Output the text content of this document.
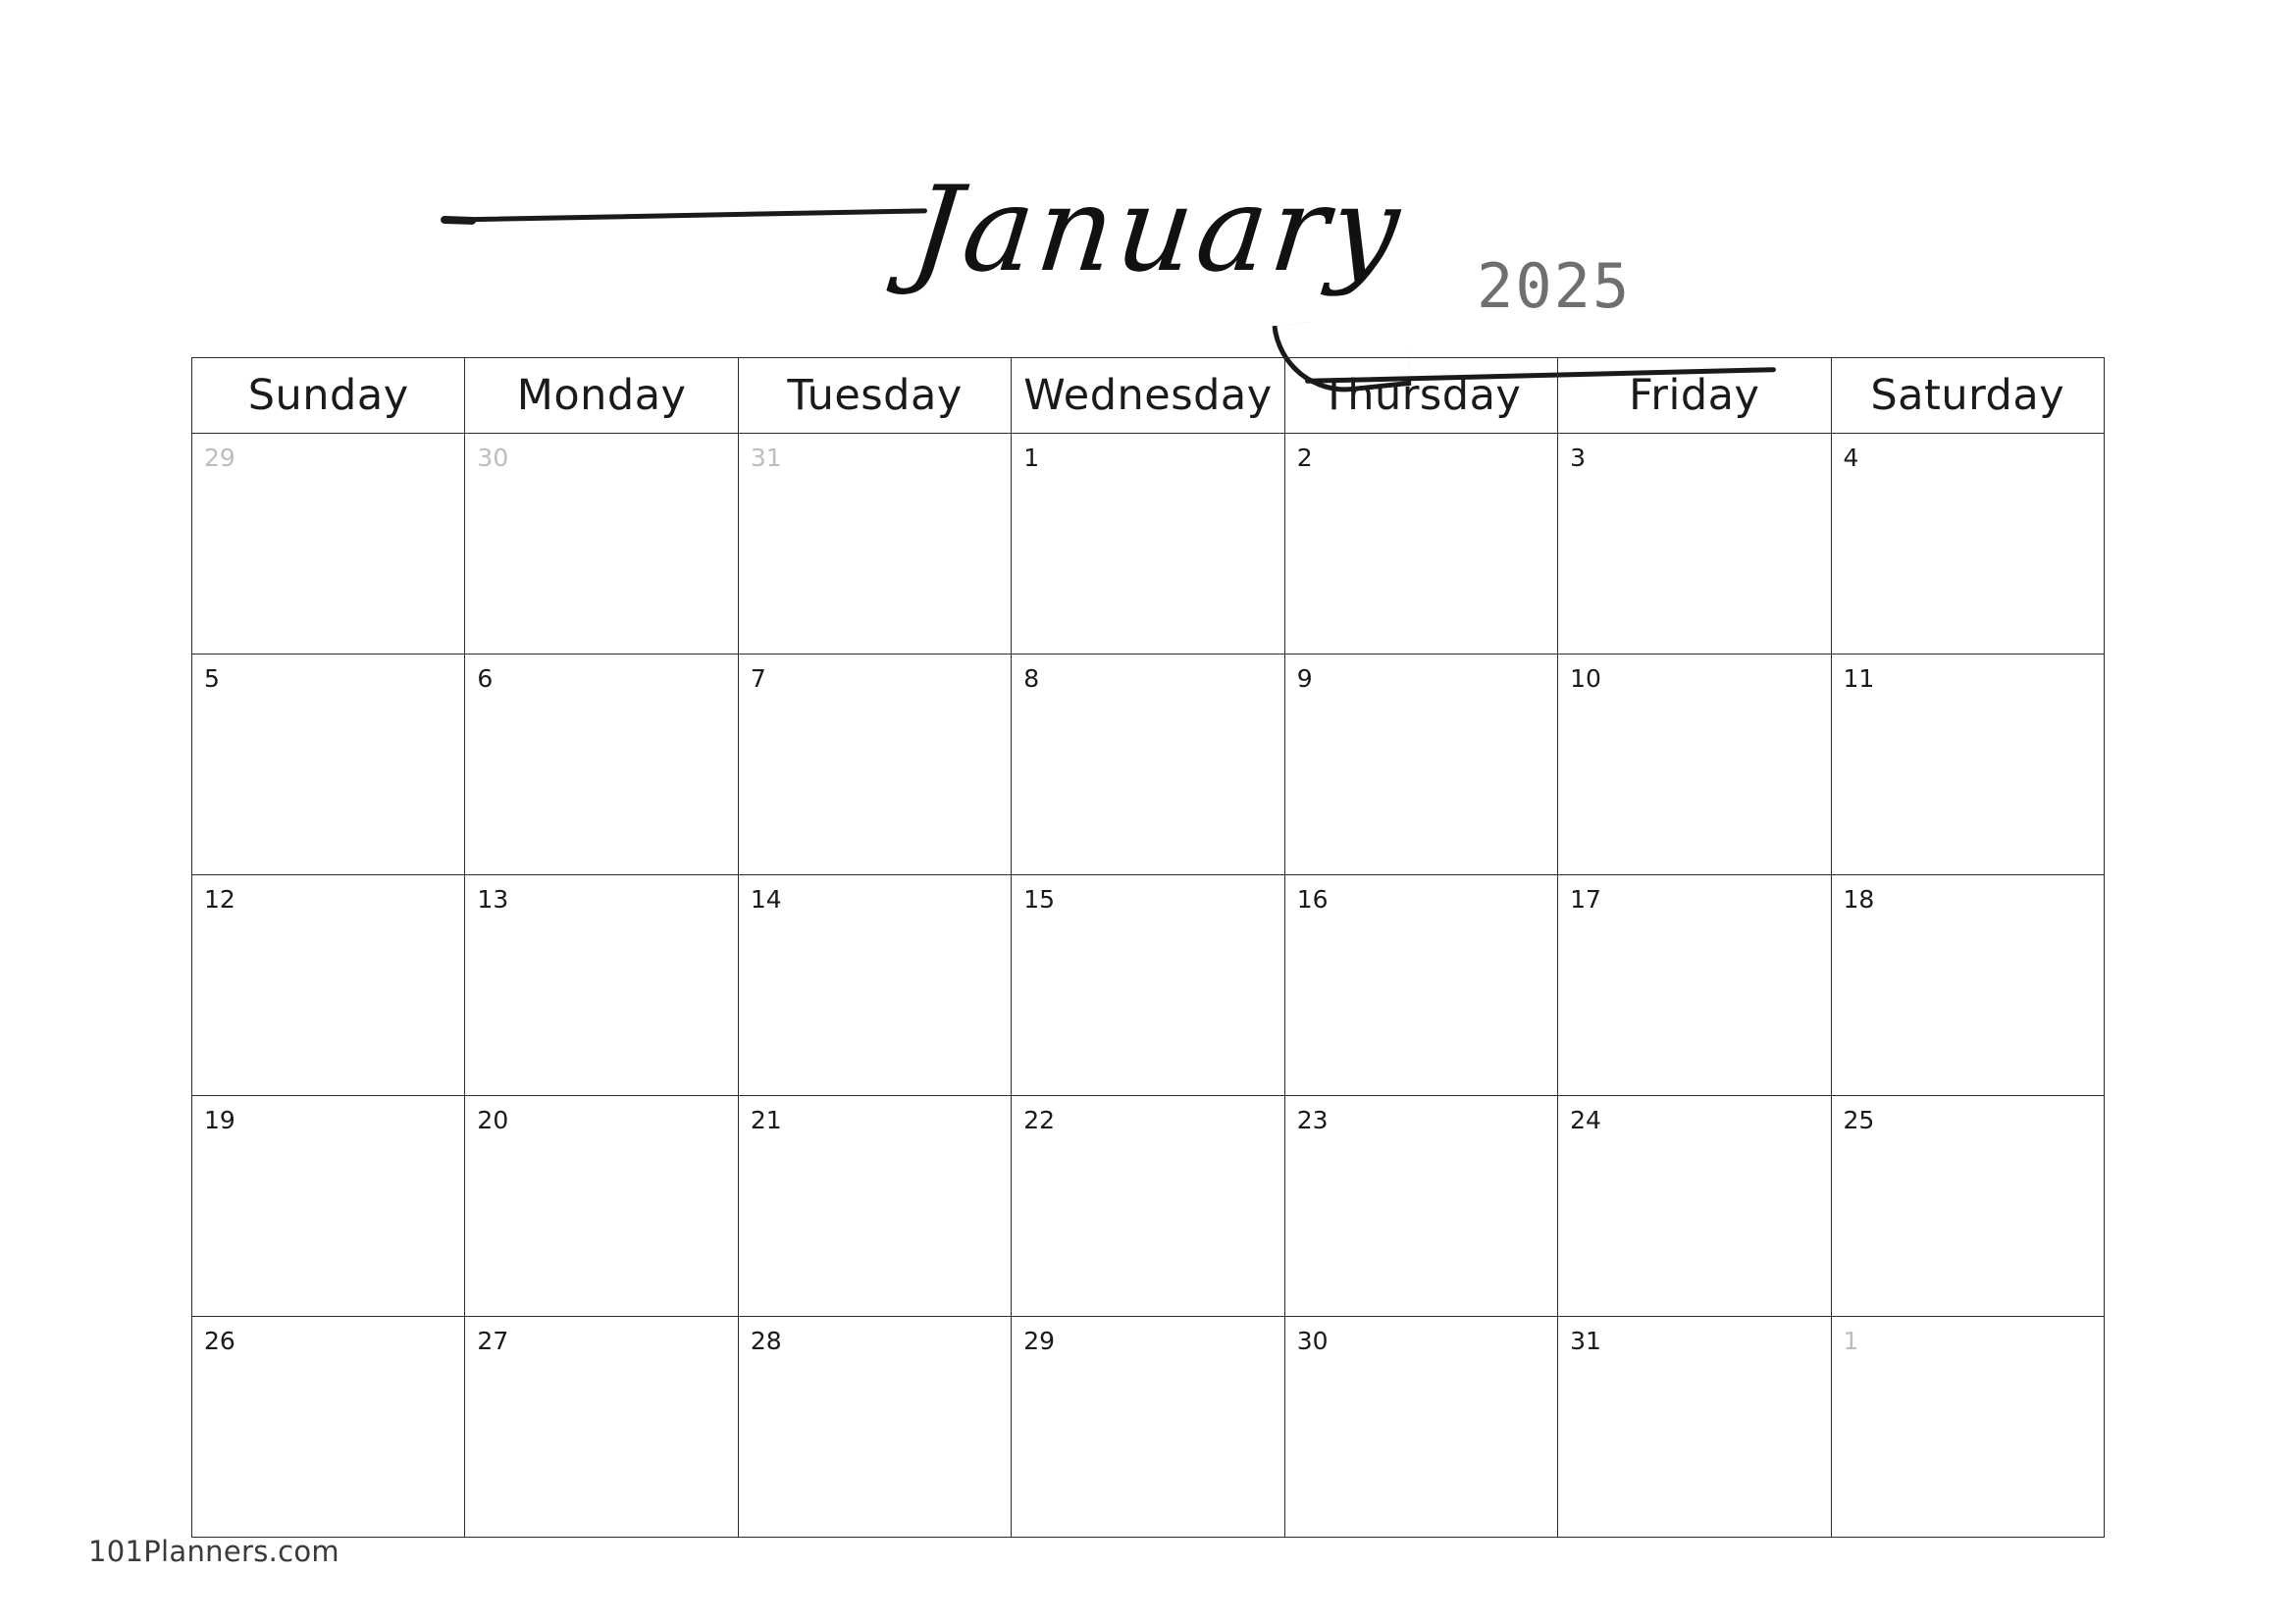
January 2025
Sunday	Monday	Tuesday	Wednesday	Thursday	Friday	Saturday

29	30	31	1	2	3	4

5	6	7	8	9	10	11

12	13	14	15	16	17	18

19	20	21	22	23	24	25

26	27	28	29	30	31	1
101Planners.com
